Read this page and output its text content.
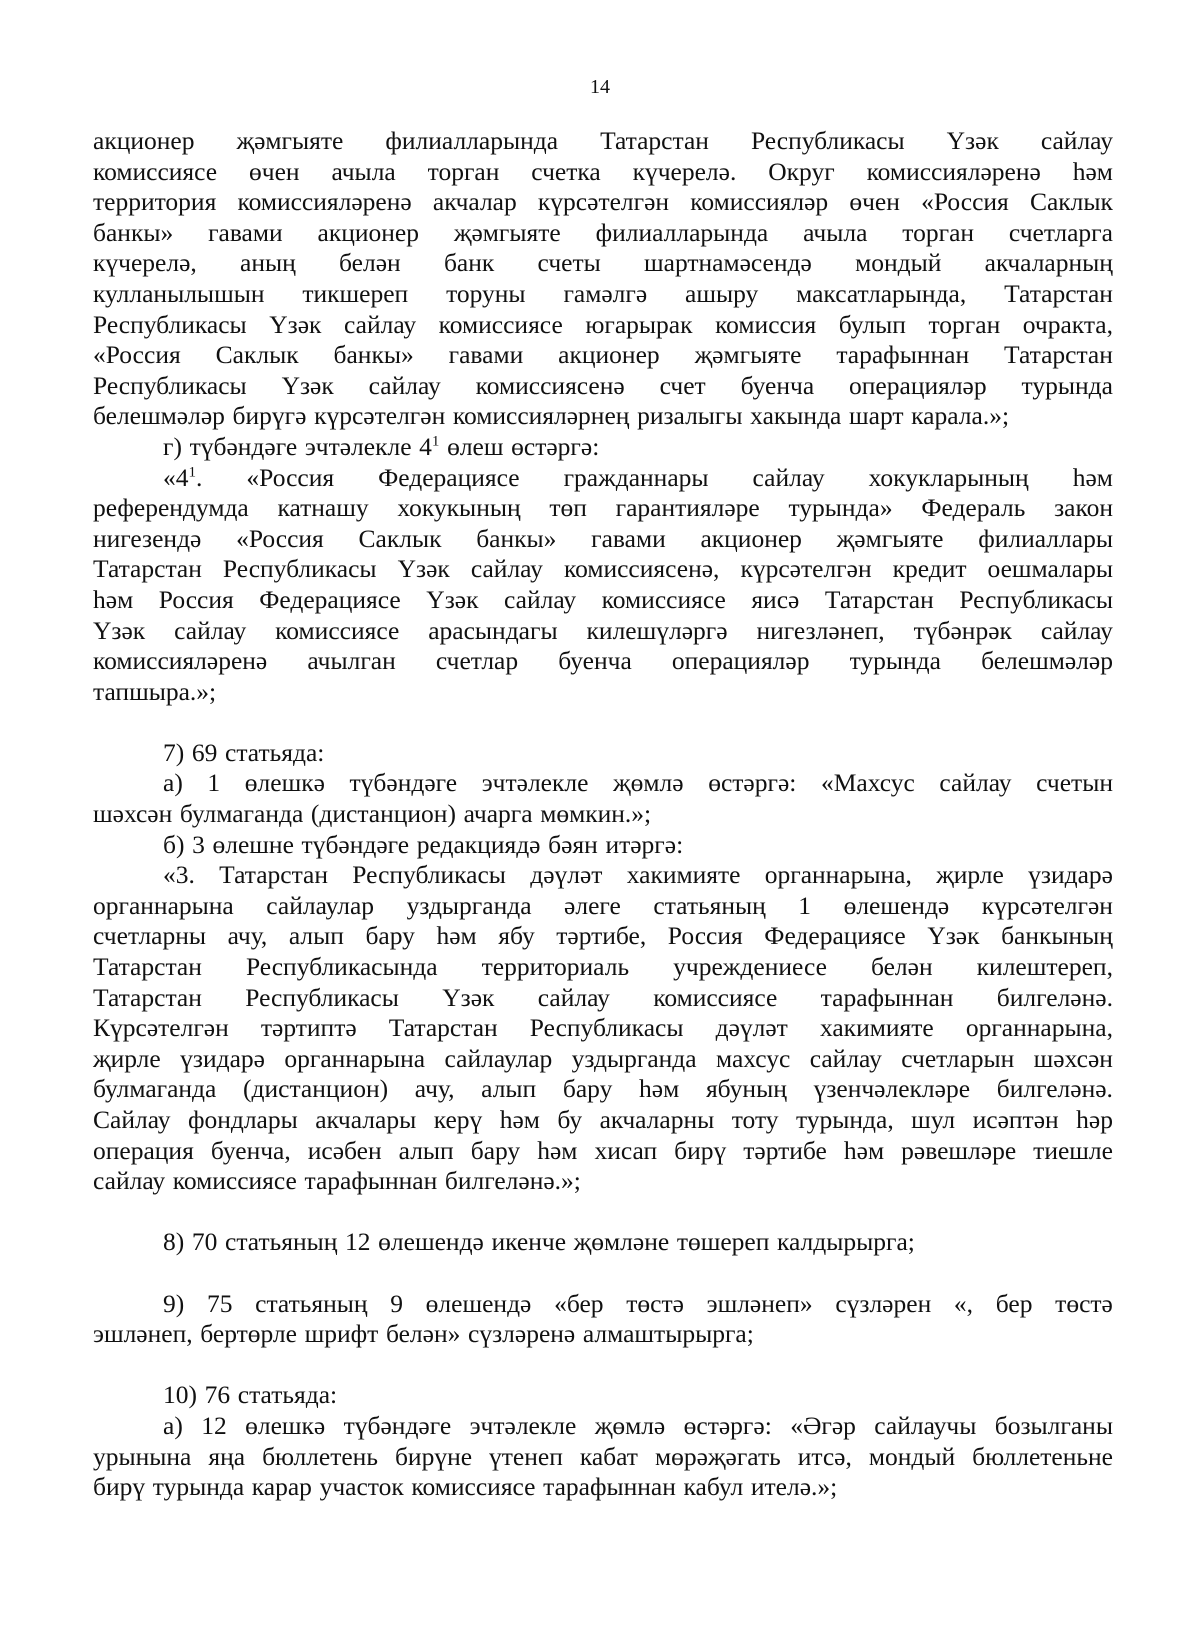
14
акционер җәмгыяте филиалларында Татарстан Республикасы Үзәк сайлау
комиссиясе өчен ачыла торган счетка күчерелә. Округ комиссияләренә һәм
территория комиссияләренә акчалар күрсәтелгән комиссияләр өчен «Россия Саклык
банкы» гавами акционер җәмгыяте филиалларында ачыла торган счетларга
күчерелә, аның белән банк счеты шартнамәсендә мондый акчаларның
кулланылышын тикшереп торуны гамәлгә ашыру максатларында, Татарстан
Республикасы Үзәк сайлау комиссиясе югарырак комиссия булып торган очракта,
«Россия Саклык банкы» гавами акционер җәмгыяте тарафыннан Татарстан
Республикасы Үзәк сайлау комиссиясенә счет буенча операцияләр турында
белешмәләр бирүгә күрсәтелгән комиссияләрнең ризалыгы хакында шарт карала.»;
г) түбәндәге эчтәлекле $4^1$ өлеш өстәргә:
«$4^1$. «Россия Федерациясе гражданнары сайлау хокукларының һәм
референдумда катнашу хокукының төп гарантияләре турында» Федераль закон
нигезендә «Россия Саклык банкы» гавами акционер җәмгыяте филиаллары
Татарстан Республикасы Үзәк сайлау комиссиясенә, күрсәтелгән кредит оешмалары
һәм Россия Федерациясе Үзәк сайлау комиссиясе яисә Татарстан Республикасы
Үзәк сайлау комиссиясе арасындагы килешүләргә нигезләнеп, түбәнрәк сайлау
комиссияләренә ачылган счетлар буенча операцияләр турында белешмәләр
тапшыра.»;
7) 69 статьяда:
а) 1 өлешкә түбәндәге эчтәлекле җөмлә өстәргә: «Махсус сайлау счетын
шәхсән булмаганда (дистанцион) ачарга мөмкин.»;
б) 3 өлешне түбәндәге редакциядә бәян итәргә:
«3. Татарстан Республикасы дәүләт хакимияте органнарына, җирле үзидарә
органнарына сайлаулар уздырганда әлеге статьяның 1 өлешендә күрсәтелгән
счетларны ачу, алып бару һәм ябу тәртибе, Россия Федерациясе Үзәк банкының
Татарстан Республикасында территориаль учреждениесе белән килештереп,
Татарстан Республикасы Үзәк сайлау комиссиясе тарафыннан билгеләнә.
Күрсәтелгән тәртиптә Татарстан Республикасы дәүләт хакимияте органнарына,
җирле үзидарә органнарына сайлаулар уздырганда махсус сайлау счетларын шәхсән
булмаганда (дистанцион) ачу, алып бару һәм ябуның үзенчәлекләре билгеләнә.
Сайлау фондлары акчалары керү һәм бу акчаларны тоту турында, шул исәптән һәр
операция буенча, исәбен алып бару һәм хисап бирү тәртибе һәм рәвешләре тиешле
сайлау комиссиясе тарафыннан билгеләнә.»;
8) 70 статьяның 12 өлешендә икенче җөмләне төшереп калдырырга;
9) 75 статьяның 9 өлешендә «бер төстә эшләнеп» сүзләрен «, бер төстә
эшләнеп, бертөрле шрифт белән» сүзләренә алмаштырырга;
10) 76 статьяда:
а) 12 өлешкә түбәндәге эчтәлекле җөмлә өстәргә: «Әгәр сайлаучы бозылганы
урынына яңа бюллетень бирүне үтенеп кабат мөрәҗәгать итсә, мондый бюллетеньне
бирү турында карар участок комиссиясе тарафыннан кабул ителә.»;
